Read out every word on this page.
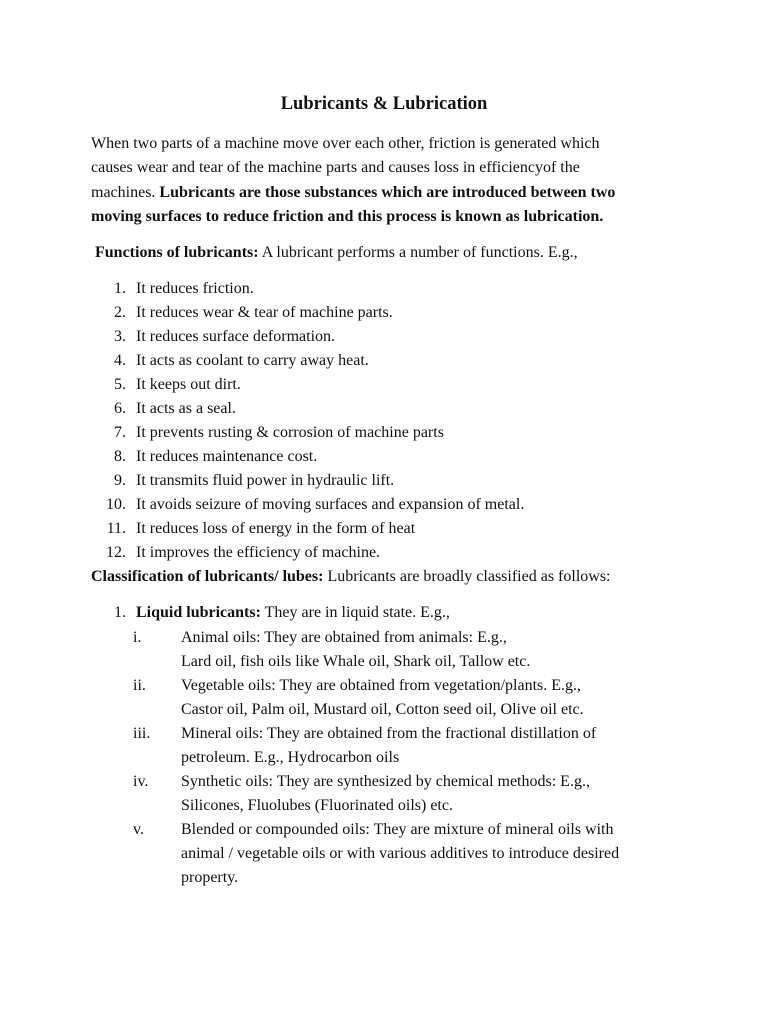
Lubricants & Lubrication
When two parts of a machine move over each other, friction is generated which
causes wear and tear of the machine parts and causes loss in efficiencyof the
machines. Lubricants are those substances which are introduced between two
moving surfaces to reduce friction and this process is known as lubrication.
Functions of lubricants: A lubricant performs a number of functions. E.g.,
1. It reduces friction.
2. It reduces wear & tear of machine parts.
3. It reduces surface deformation.
4. It acts as coolant to carry away heat.
5. It keeps out dirt.
6. It acts as a seal.
7. It prevents rusting & corrosion of machine parts
8. It reduces maintenance cost.
9. It transmits fluid power in hydraulic lift.
10. It avoids seizure of moving surfaces and expansion of metal.
11. It reduces loss of energy in the form of heat
12. It improves the efficiency of machine.
Classification of lubricants/ lubes: Lubricants are broadly classified as follows:
1. Liquid lubricants: They are in liquid state. E.g.,
i. Animal oils: They are obtained from animals: E.g.,
Lard oil, fish oils like Whale oil, Shark oil, Tallow etc.
ii. Vegetable oils: They are obtained from vegetation/plants. E.g.,
Castor oil, Palm oil, Mustard oil, Cotton seed oil, Olive oil etc.
iii. Mineral oils: They are obtained from the fractional distillation of
petroleum. E.g., Hydrocarbon oils
iv. Synthetic oils: They are synthesized by chemical methods: E.g.,
Silicones, Fluolubes (Fluorinated oils) etc.
v. Blended or compounded oils: They are mixture of mineral oils with
animal / vegetable oils or with various additives to introduce desired
property.
